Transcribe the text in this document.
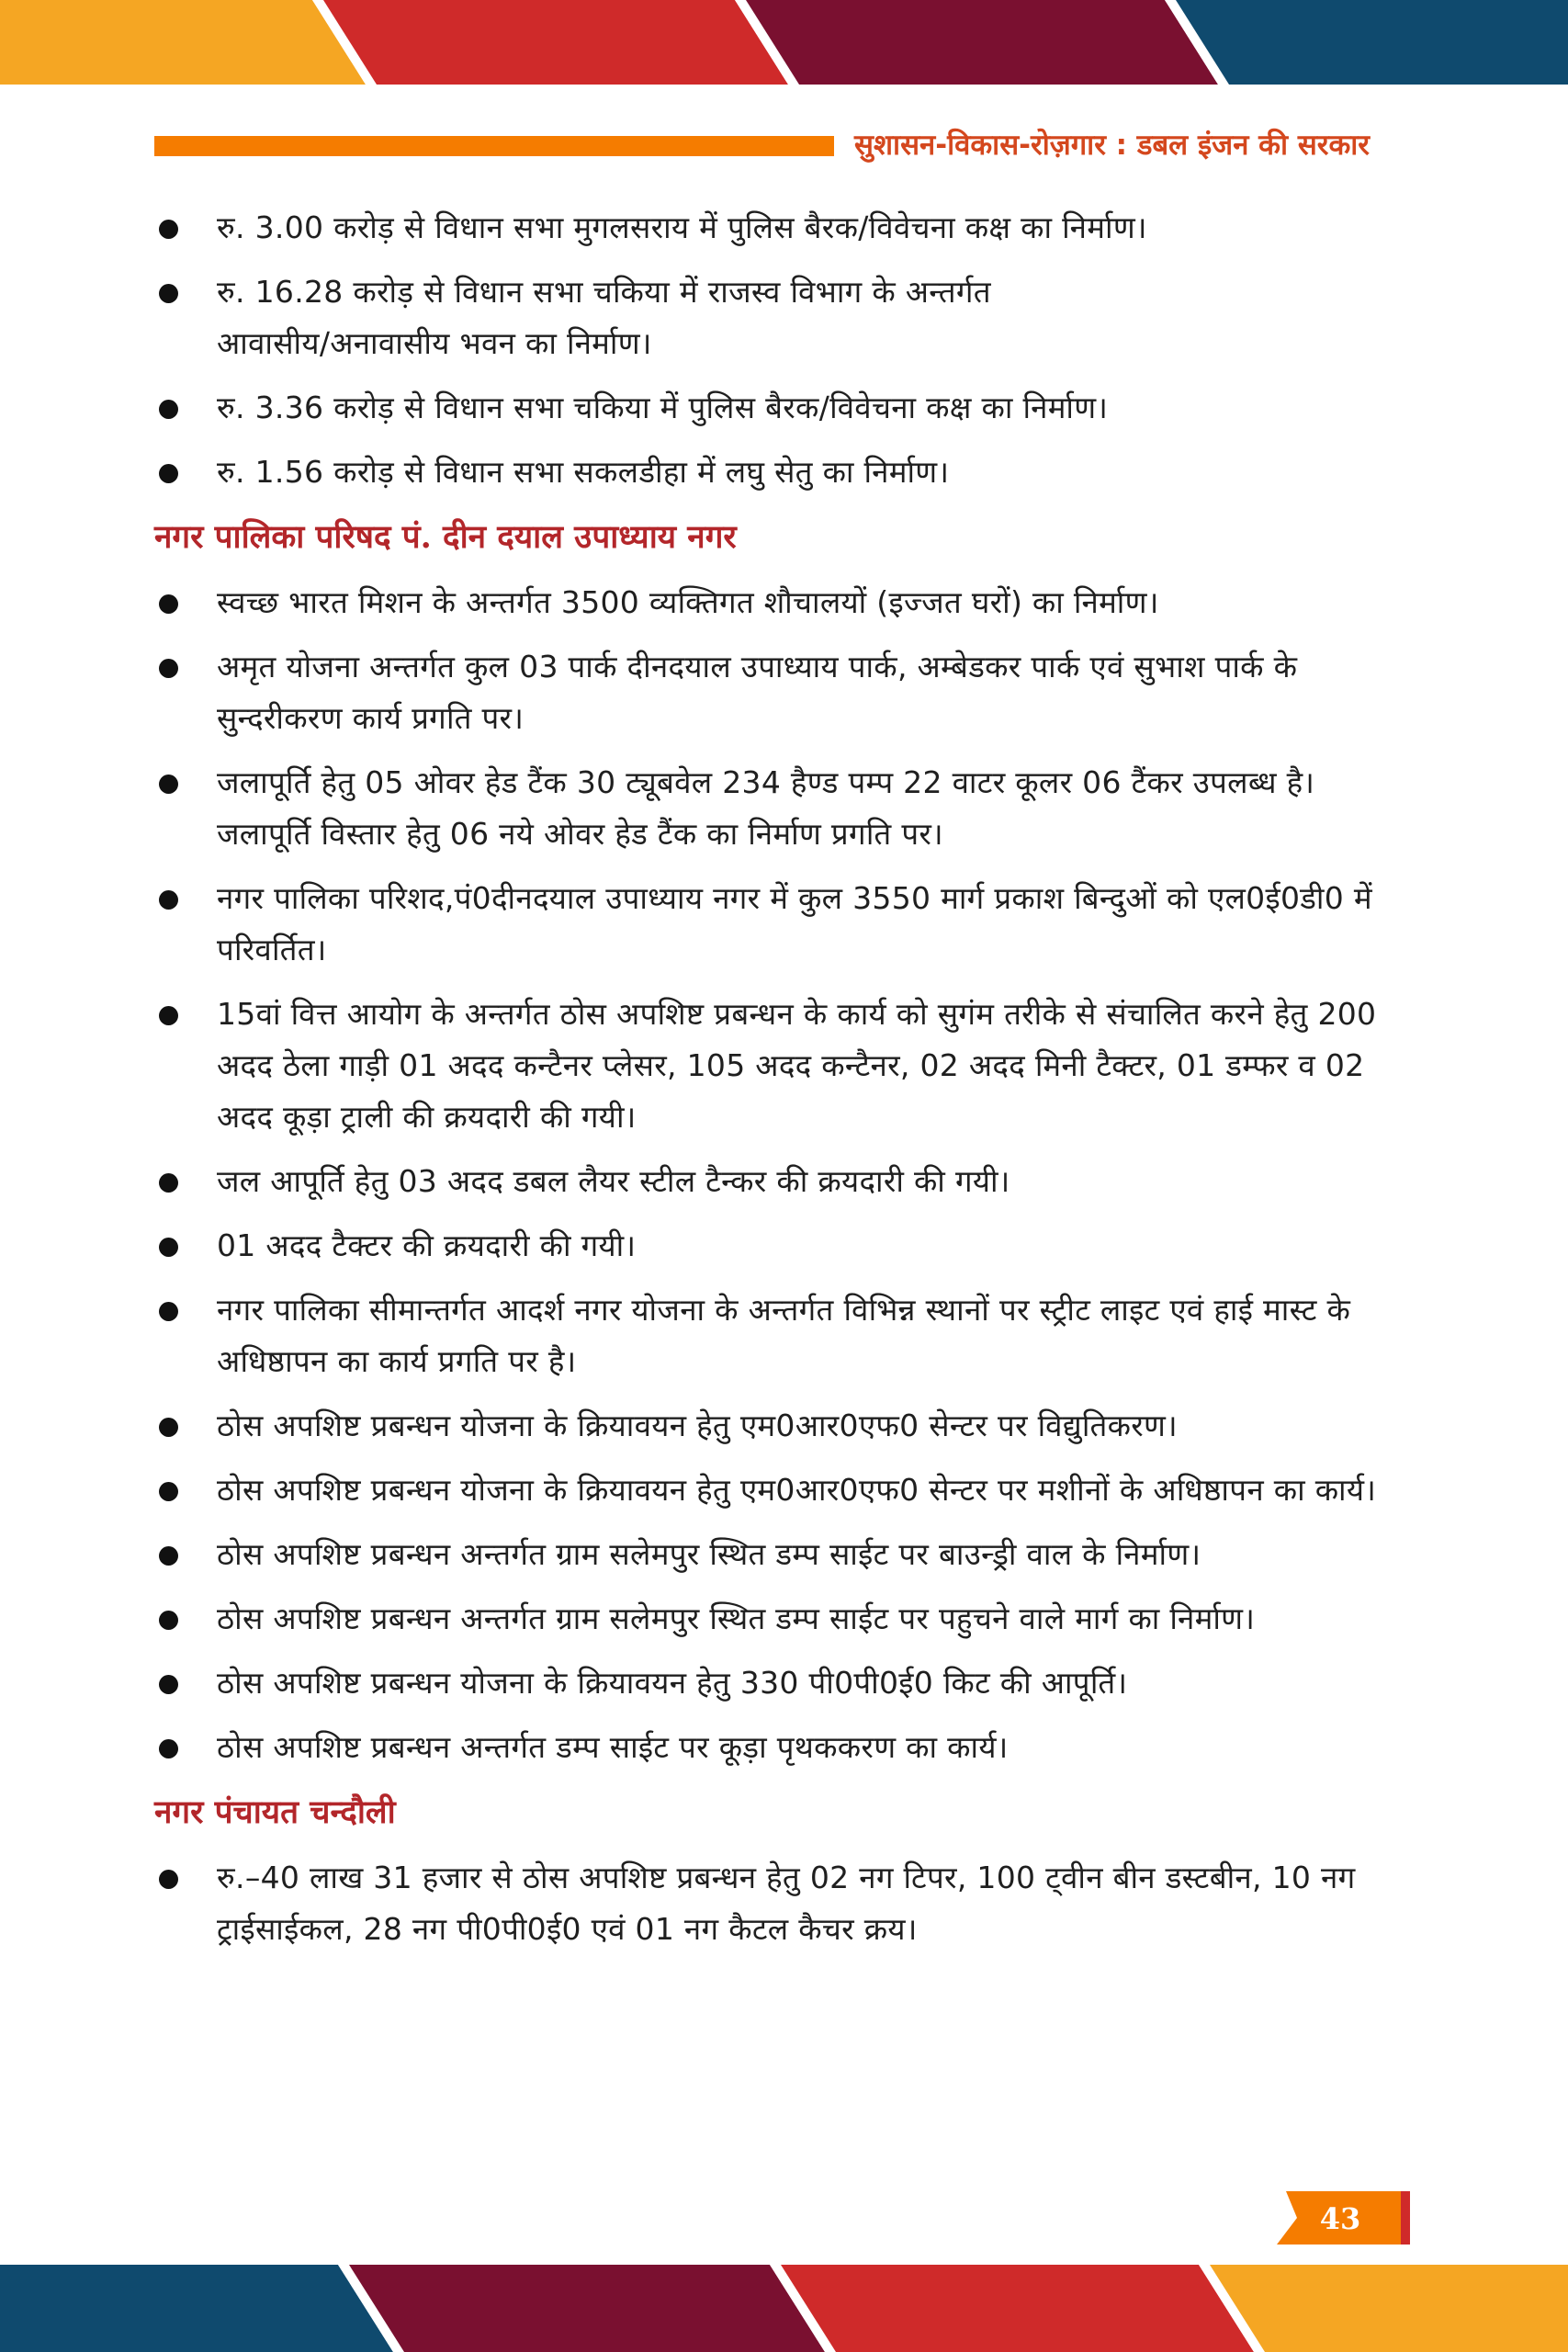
सुशासन-विकास-रोज़गार : डबल इंजन की सरकार
रु. 3.00 करोड़ से विधान सभा मुगलसराय में पुलिस बैरक/विवेचना कक्ष का निर्माण।
रु. 16.28 करोड़ से विधान सभा चकिया में राजस्व विभाग के अन्तर्गत आवासीय/अनावासीय भवन का निर्माण।
रु. 3.36 करोड़ से विधान सभा चकिया में पुलिस बैरक/विवेचना कक्ष का निर्माण।
रु. 1.56 करोड़ से विधान सभा सकलडीहा में लघु सेतु का निर्माण।
नगर पालिका परिषद पं. दीन दयाल उपाध्याय नगर
स्वच्छ भारत मिशन के अन्तर्गत 3500 व्यक्तिगत शौचालयों (इज्जत घरों) का निर्माण।
अमृत योजना अन्तर्गत कुल 03 पार्क दीनदयाल उपाध्याय पार्क, अम्बेडकर पार्क एवं सुभाश पार्क के सुन्दरीकरण कार्य प्रगति पर।
जलापूर्ति हेतु 05 ओवर हेड टैंक 30 ट्यूबवेल 234 हैण्ड पम्प 22 वाटर कूलर 06 टैंकर उपलब्ध है। जलापूर्ति विस्तार हेतु 06 नये ओवर हेड टैंक का निर्माण प्रगति पर।
नगर पालिका परिशद,पं0दीनदयाल उपाध्याय नगर में कुल 3550 मार्ग प्रकाश बिन्दुओं को एल0ई0डी0 में परिवर्तित।
15वां वित्त आयोग के अन्तर्गत ठोस अपशिष्ट प्रबन्धन के कार्य को सुगंम तरीके से संचालित करने हेतु 200 अदद ठेला गाड़ी 01 अदद कन्टैनर प्लेसर, 105 अदद कन्टैनर, 02 अदद मिनी टैक्टर, 01 डम्फर व 02 अदद कूड़ा ट्राली की क्रयदारी की गयी।
जल आपूर्ति हेतु 03 अदद डबल लैयर स्टील टैन्कर की क्रयदारी की गयी।
01 अदद टैक्टर की क्रयदारी की गयी।
नगर पालिका सीमान्तर्गत आदर्श नगर योजना के अन्तर्गत विभिन्न स्थानों पर स्ट्रीट लाइट एवं हाई मास्ट के अधिष्ठापन का कार्य प्रगति पर है।
ठोस अपशिष्ट प्रबन्धन योजना के क्रियावयन हेतु एम0आर0एफ0 सेन्टर पर विद्युतिकरण।
ठोस अपशिष्ट प्रबन्धन योजना के क्रियावयन हेतु एम0आर0एफ0 सेन्टर पर मशीनों के अधिष्ठापन का कार्य।
ठोस अपशिष्ट प्रबन्धन अन्तर्गत ग्राम सलेमपुर स्थित डम्प साईट पर बाउन्ड्री वाल के निर्माण।
ठोस अपशिष्ट प्रबन्धन अन्तर्गत ग्राम सलेमपुर स्थित डम्प साईट पर पहुचने वाले मार्ग का निर्माण।
ठोस अपशिष्ट प्रबन्धन योजना के क्रियावयन हेतु 330 पी0पी0ई0 किट की आपूर्ति।
ठोस अपशिष्ट प्रबन्धन अन्तर्गत डम्प साईट पर कूड़ा पृथककरण का कार्य।
नगर पंचायत चन्दौली
रु.–40 लाख 31 हजार से ठोस अपशिष्ट प्रबन्धन हेतु 02 नग टिपर, 100 ट्वीन बीन डस्टबीन, 10 नग ट्राईसाईकल, 28 नग पी0पी0ई0 एवं 01 नग कैटल कैचर क्रय।
43
